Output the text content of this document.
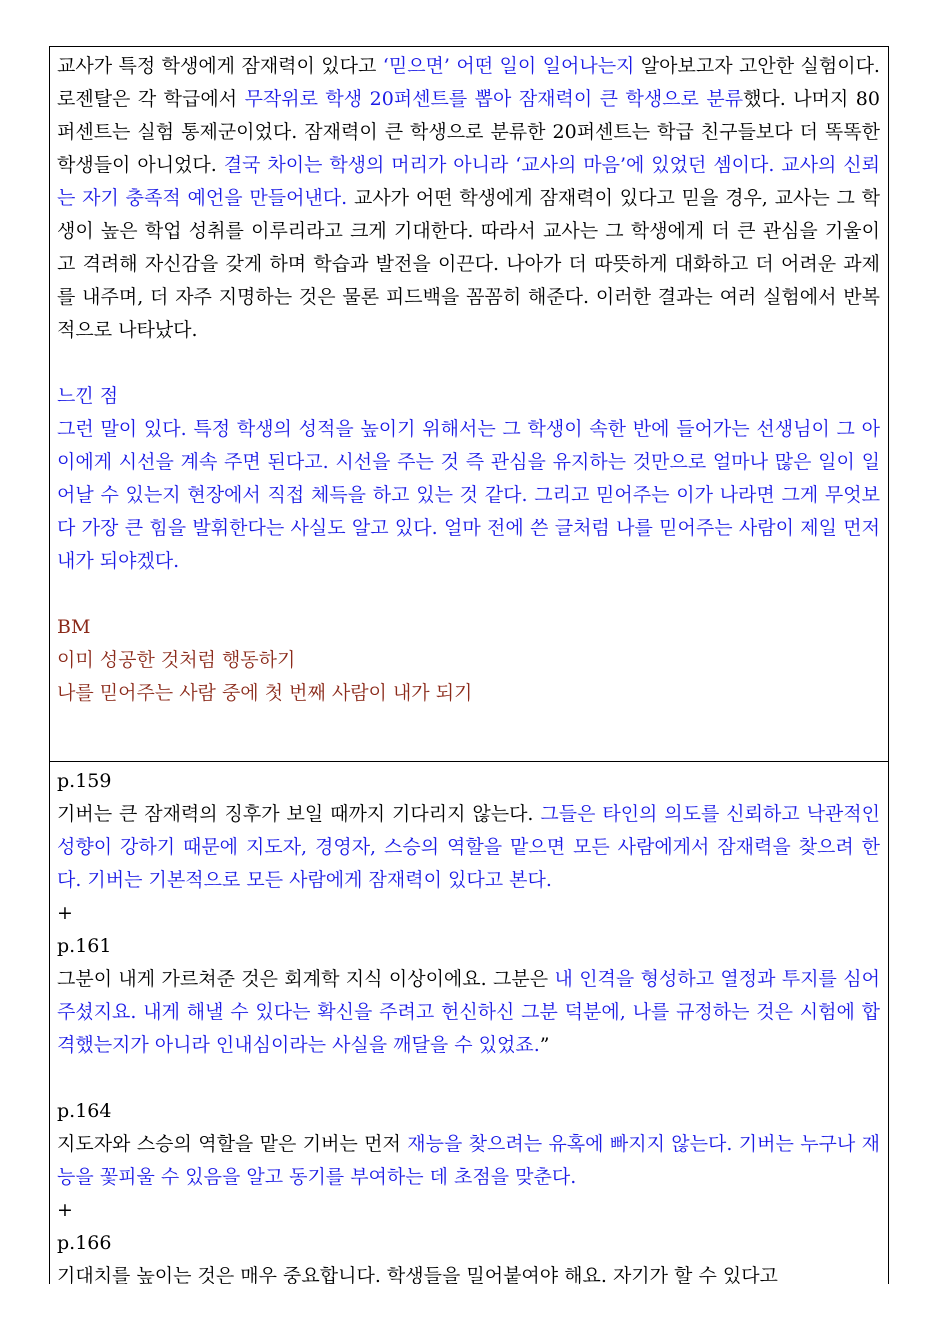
교사가 특정 학생에게 잠재력이 있다고 ‘믿으면’ 어떤 일이 일어나는지 알아보고자 고안한 실험이다. 로젠탈은 각 학급에서 무작위로 학생 20퍼센트를 뽑아 잠재력이 큰 학생으로 분류했다. 나머지 80퍼센트는 실험 통제군이었다. 잠재력이 큰 학생으로 분류한 20퍼센트는 학급 친구들보다 더 똑똑한 학생들이 아니었다. 결국 차이는 학생의 머리가 아니라 ‘교사의 마음’에 있었던 셈이다. 교사의 신뢰는 자기 충족적 예언을 만들어낸다. 교사가 어떤 학생에게 잠재력이 있다고 믿을 경우, 교사는 그 학생이 높은 학업 성취를 이루리라고 크게 기대한다. 따라서 교사는 그 학생에게 더 큰 관심을 기울이고 격려해 자신감을 갖게 하며 학습과 발전을 이끈다. 나아가 더 따뜻하게 대화하고 더 어려운 과제를 내주며, 더 자주 지명하는 것은 물론 피드백을 꼼꼼히 해준다. 이러한 결과는 여러 실험에서 반복적으로 나타났다.

느낀 점

그런 말이 있다. 특정 학생의 성적을 높이기 위해서는 그 학생이 속한 반에 들어가는 선생님이 그 아이에게 시선을 계속 주면 된다고. 시선을 주는 것 즉 관심을 유지하는 것만으로 얼마나 많은 일이 일어날 수 있는지 현장에서 직접 체득을 하고 있는 것 같다. 그리고 믿어주는 이가 나라면 그게 무엇보다 가장 큰 힘을 발휘한다는 사실도 알고 있다. 얼마 전에 쓴 글처럼 나를 믿어주는 사람이 제일 먼저 내가 되야겠다.

BM

이미 성공한 것처럼 행동하기

나를 믿어주는 사람 중에 첫 번째 사람이 내가 되기

p.159

기버는 큰 잠재력의 징후가 보일 때까지 기다리지 않는다. 그들은 타인의 의도를 신뢰하고 낙관적인 성향이 강하기 때문에 지도자, 경영자, 스승의 역할을 맡으면 모든 사람에게서 잠재력을 찾으려 한다. 기버는 기본적으로 모든 사람에게 잠재력이 있다고 본다.

+

p.161

그분이 내게 가르쳐준 것은 회계학 지식 이상이에요. 그분은 내 인격을 형성하고 열정과 투지를 심어주셨지요. 내게 해낼 수 있다는 확신을 주려고 헌신하신 그분 덕분에, 나를 규정하는 것은 시험에 합격했는지가 아니라 인내심이라는 사실을 깨달을 수 있었죠.”

p.164

지도자와 스승의 역할을 맡은 기버는 먼저 재능을 찾으려는 유혹에 빠지지 않는다. 기버는 누구나 재능을 꽃피울 수 있음을 알고 동기를 부여하는 데 초점을 맞춘다.

+

p.166

기대치를 높이는 것은 매우 중요합니다. 학생들을 밀어붙여야 해요. 자기가 할 수 있다고
